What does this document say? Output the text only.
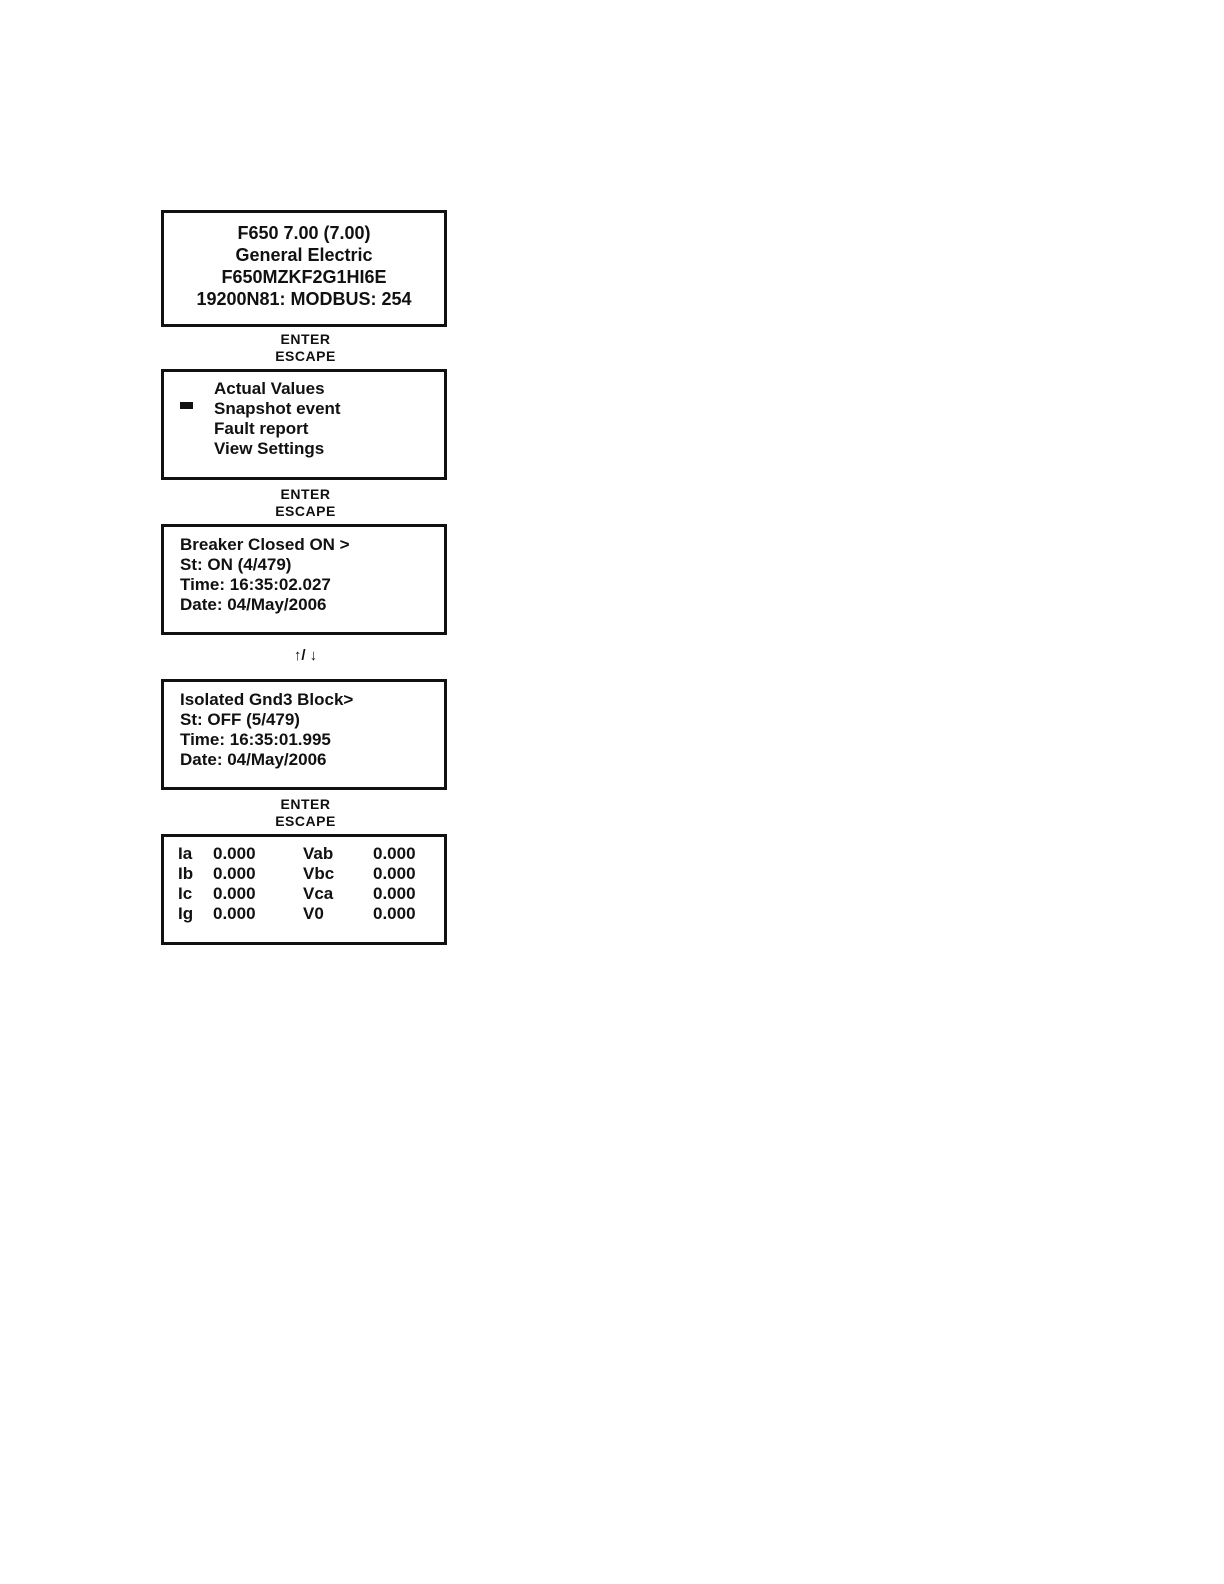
F650 7.00 (7.00)
General Electric
F650MZKF2G1HI6E
19200N81: MODBUS: 254
ENTER
ESCAPE
Actual Values
Snapshot event
Fault report
View Settings
ENTER
ESCAPE
Breaker Closed ON >
St: ON (4/479)
Time: 16:35:02.027
Date: 04/May/2006
↑/ ↓
Isolated Gnd3 Block>
St: OFF (5/479)
Time: 16:35:01.995
Date: 04/May/2006
ENTER
ESCAPE
Ia	0.000	Vab	0.000
Ib	0.000	Vbc	0.000
Ic	0.000	Vca	0.000
Ig	0.000	V0	0.000
